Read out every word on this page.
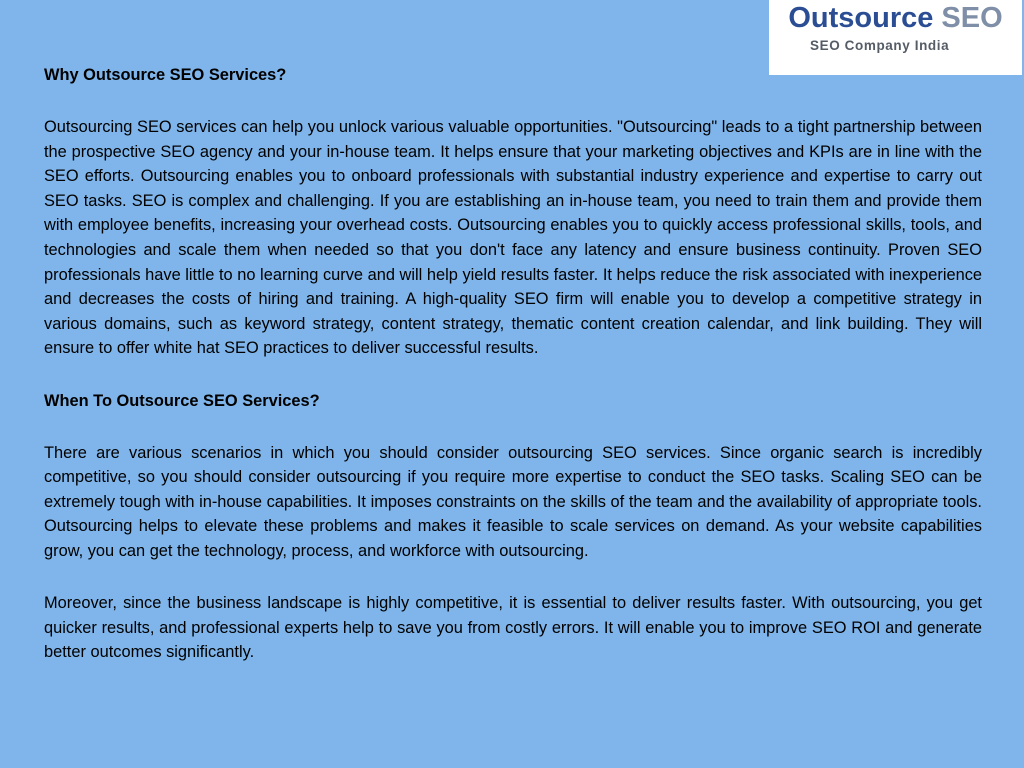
Outsource SEO
SEO Company India

Why Outsource SEO Services?

Outsourcing SEO services can help you unlock various valuable opportunities. "Outsourcing" leads to a tight partnership between the prospective SEO agency and your in-house team. It helps ensure that your marketing objectives and KPIs are in line with the SEO efforts. Outsourcing enables you to onboard professionals with substantial industry experience and expertise to carry out SEO tasks. SEO is complex and challenging. If you are establishing an in-house team, you need to train them and provide them with employee benefits, increasing your overhead costs. Outsourcing enables you to quickly access professional skills, tools, and technologies and scale them when needed so that you don't face any latency and ensure business continuity. Proven SEO professionals have little to no learning curve and will help yield results faster. It helps reduce the risk associated with inexperience and decreases the costs of hiring and training. A high-quality SEO firm will enable you to develop a competitive strategy in various domains, such as keyword strategy, content strategy, thematic content creation calendar, and link building. They will ensure to offer white hat SEO practices to deliver successful results.

When To Outsource SEO Services?

There are various scenarios in which you should consider outsourcing SEO services. Since organic search is incredibly competitive, so you should consider outsourcing if you require more expertise to conduct the SEO tasks. Scaling SEO can be extremely tough with in-house capabilities. It imposes constraints on the skills of the team and the availability of appropriate tools. Outsourcing helps to elevate these problems and makes it feasible to scale services on demand. As your website capabilities grow, you can get the technology, process, and workforce with outsourcing.

Moreover, since the business landscape is highly competitive, it is essential to deliver results faster. With outsourcing, you get quicker results, and professional experts help to save you from costly errors. It will enable you to improve SEO ROI and generate better outcomes significantly.
